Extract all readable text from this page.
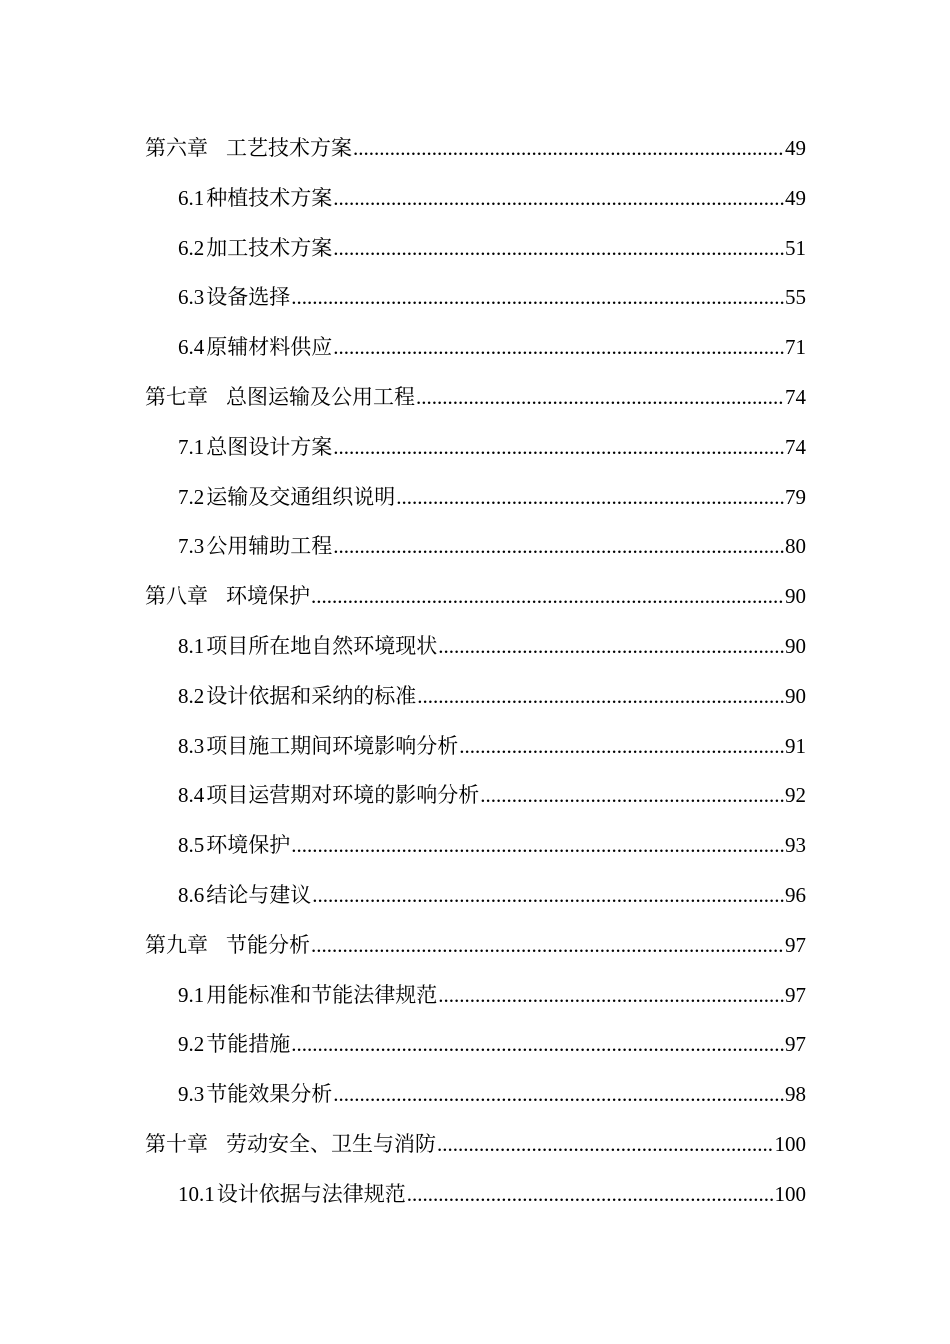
第六章 工艺技术方案 .....	49
6.1种植技术方案 .....	49
6.2加工技术方案 .....	51
6.3设备选择 .....	55
6.4原辅材料供应 .....	71
第七章 总图运输及公用工程 .....	74
7.1总图设计方案 .....	74
7.2运输及交通组织说明 .....	79
7.3公用辅助工程 .....	80
第八章 环境保护 .....	90
8.1项目所在地自然环境现状 .....	90
8.2设计依据和采纳的标准 .....	90
8.3项目施工期间环境影响分析 .....	91
8.4项目运营期对环境的影响分析 .....	92
8.5环境保护 .....	93
8.6结论与建议 .....	96
第九章 节能分析 .....	97
9.1用能标准和节能法律规范 .....	97
9.2节能措施 .....	97
9.3节能效果分析 .....	98
第十章 劳动安全、卫生与消防 .....	100
10.1设计依据与法律规范 .....	100
